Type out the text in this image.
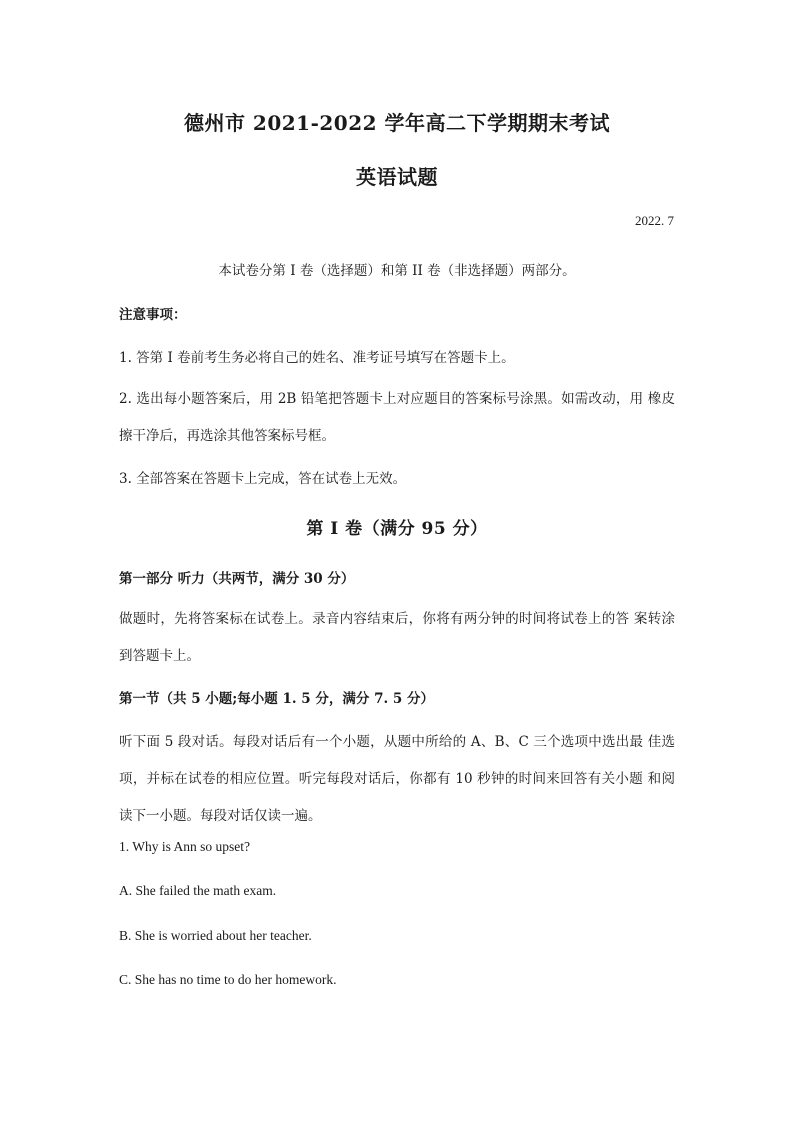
德州市 2021-2022 学年高二下学期期末考试
英语试题
2022. 7
本试卷分第 I 卷（选择题）和第 II 卷（非选择题）两部分。
注意事项：
1. 答第 I 卷前考生务必将自己的姓名、准考证号填写在答题卡上。
2. 选出每小题答案后，用 2B 铅笔把答题卡上对应题目的答案标号涂黑。如需改动，用 橡皮擦干净后，再选涂其他答案标号框。
3. 全部答案在答题卡上完成，答在试卷上无效。
第 I 卷（满分 95 分）
第一部分 听力（共两节，满分 30 分）
做题时，先将答案标在试卷上。录音内容结束后，你将有两分钟的时间将试卷上的答 案转涂到答题卡上。
第一节（共 5 小题;每小题 1. 5 分，满分 7. 5 分）
听下面 5 段对话。每段对话后有一个小题，从题中所给的 A、B、C 三个选项中选出最 佳选项，并标在试卷的相应位置。听完每段对话后，你都有 10 秒钟的时间来回答有关小题 和阅读下一小题。每段对话仅读一遍。
1. Why is Ann so upset?
A. She failed the math exam.
B. She is worried about her teacher.
C. She has no time to do her homework.
